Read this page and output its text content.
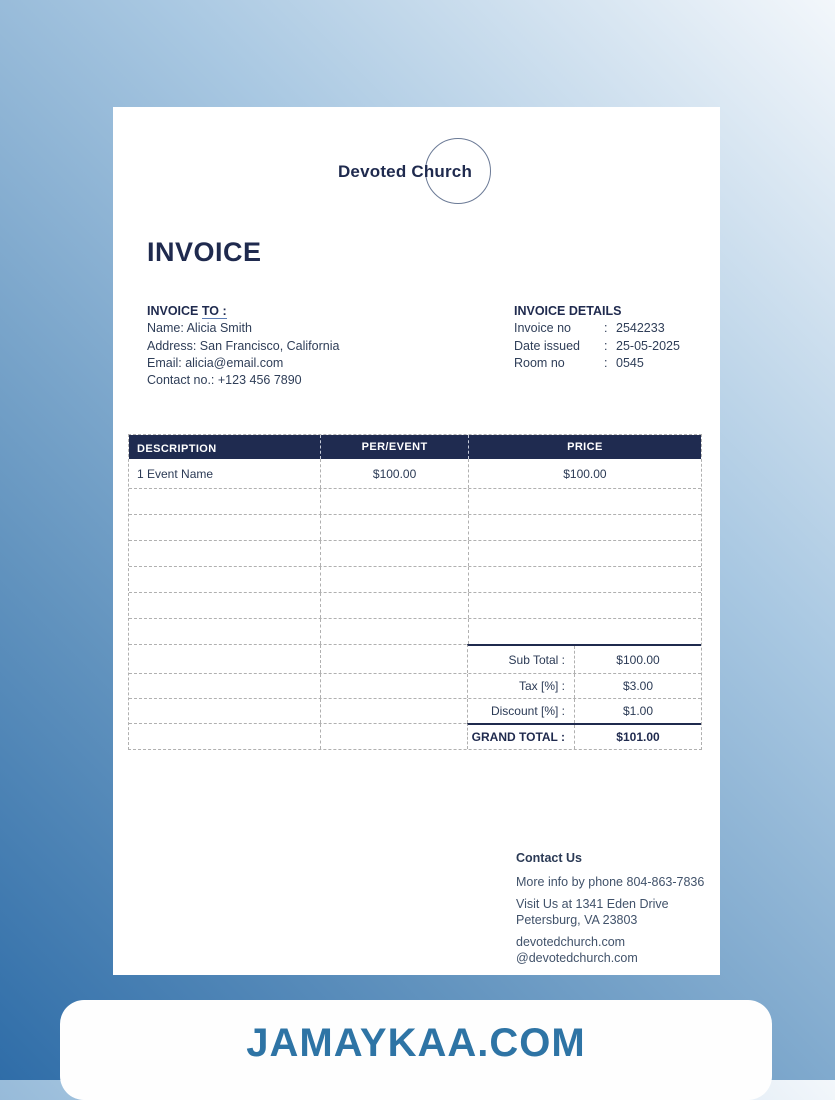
Devoted Church
INVOICE
INVOICE TO :
Name: Alicia Smith
Address: San Francisco, California
Email: alicia@email.com
Contact no.: +123 456 7890
INVOICE DETAILS
Invoice no	: 2542233
Date issued	: 25-05-2025
Room no	: 0545
DESCRIPTION	PER/EVENT	PRICE
1 Event Name	$100.00	$100.00
Sub Total :	$100.00
Tax [%] :	$3.00
Discount [%] :	$1.00
GRAND TOTAL :	$101.00
Contact Us
More info by phone 804-863-7836
Visit Us at 1341 Eden Drive
Petersburg, VA 23803
devotedchurch.com
@devotedchurch.com
JAMAYKAA.COM
